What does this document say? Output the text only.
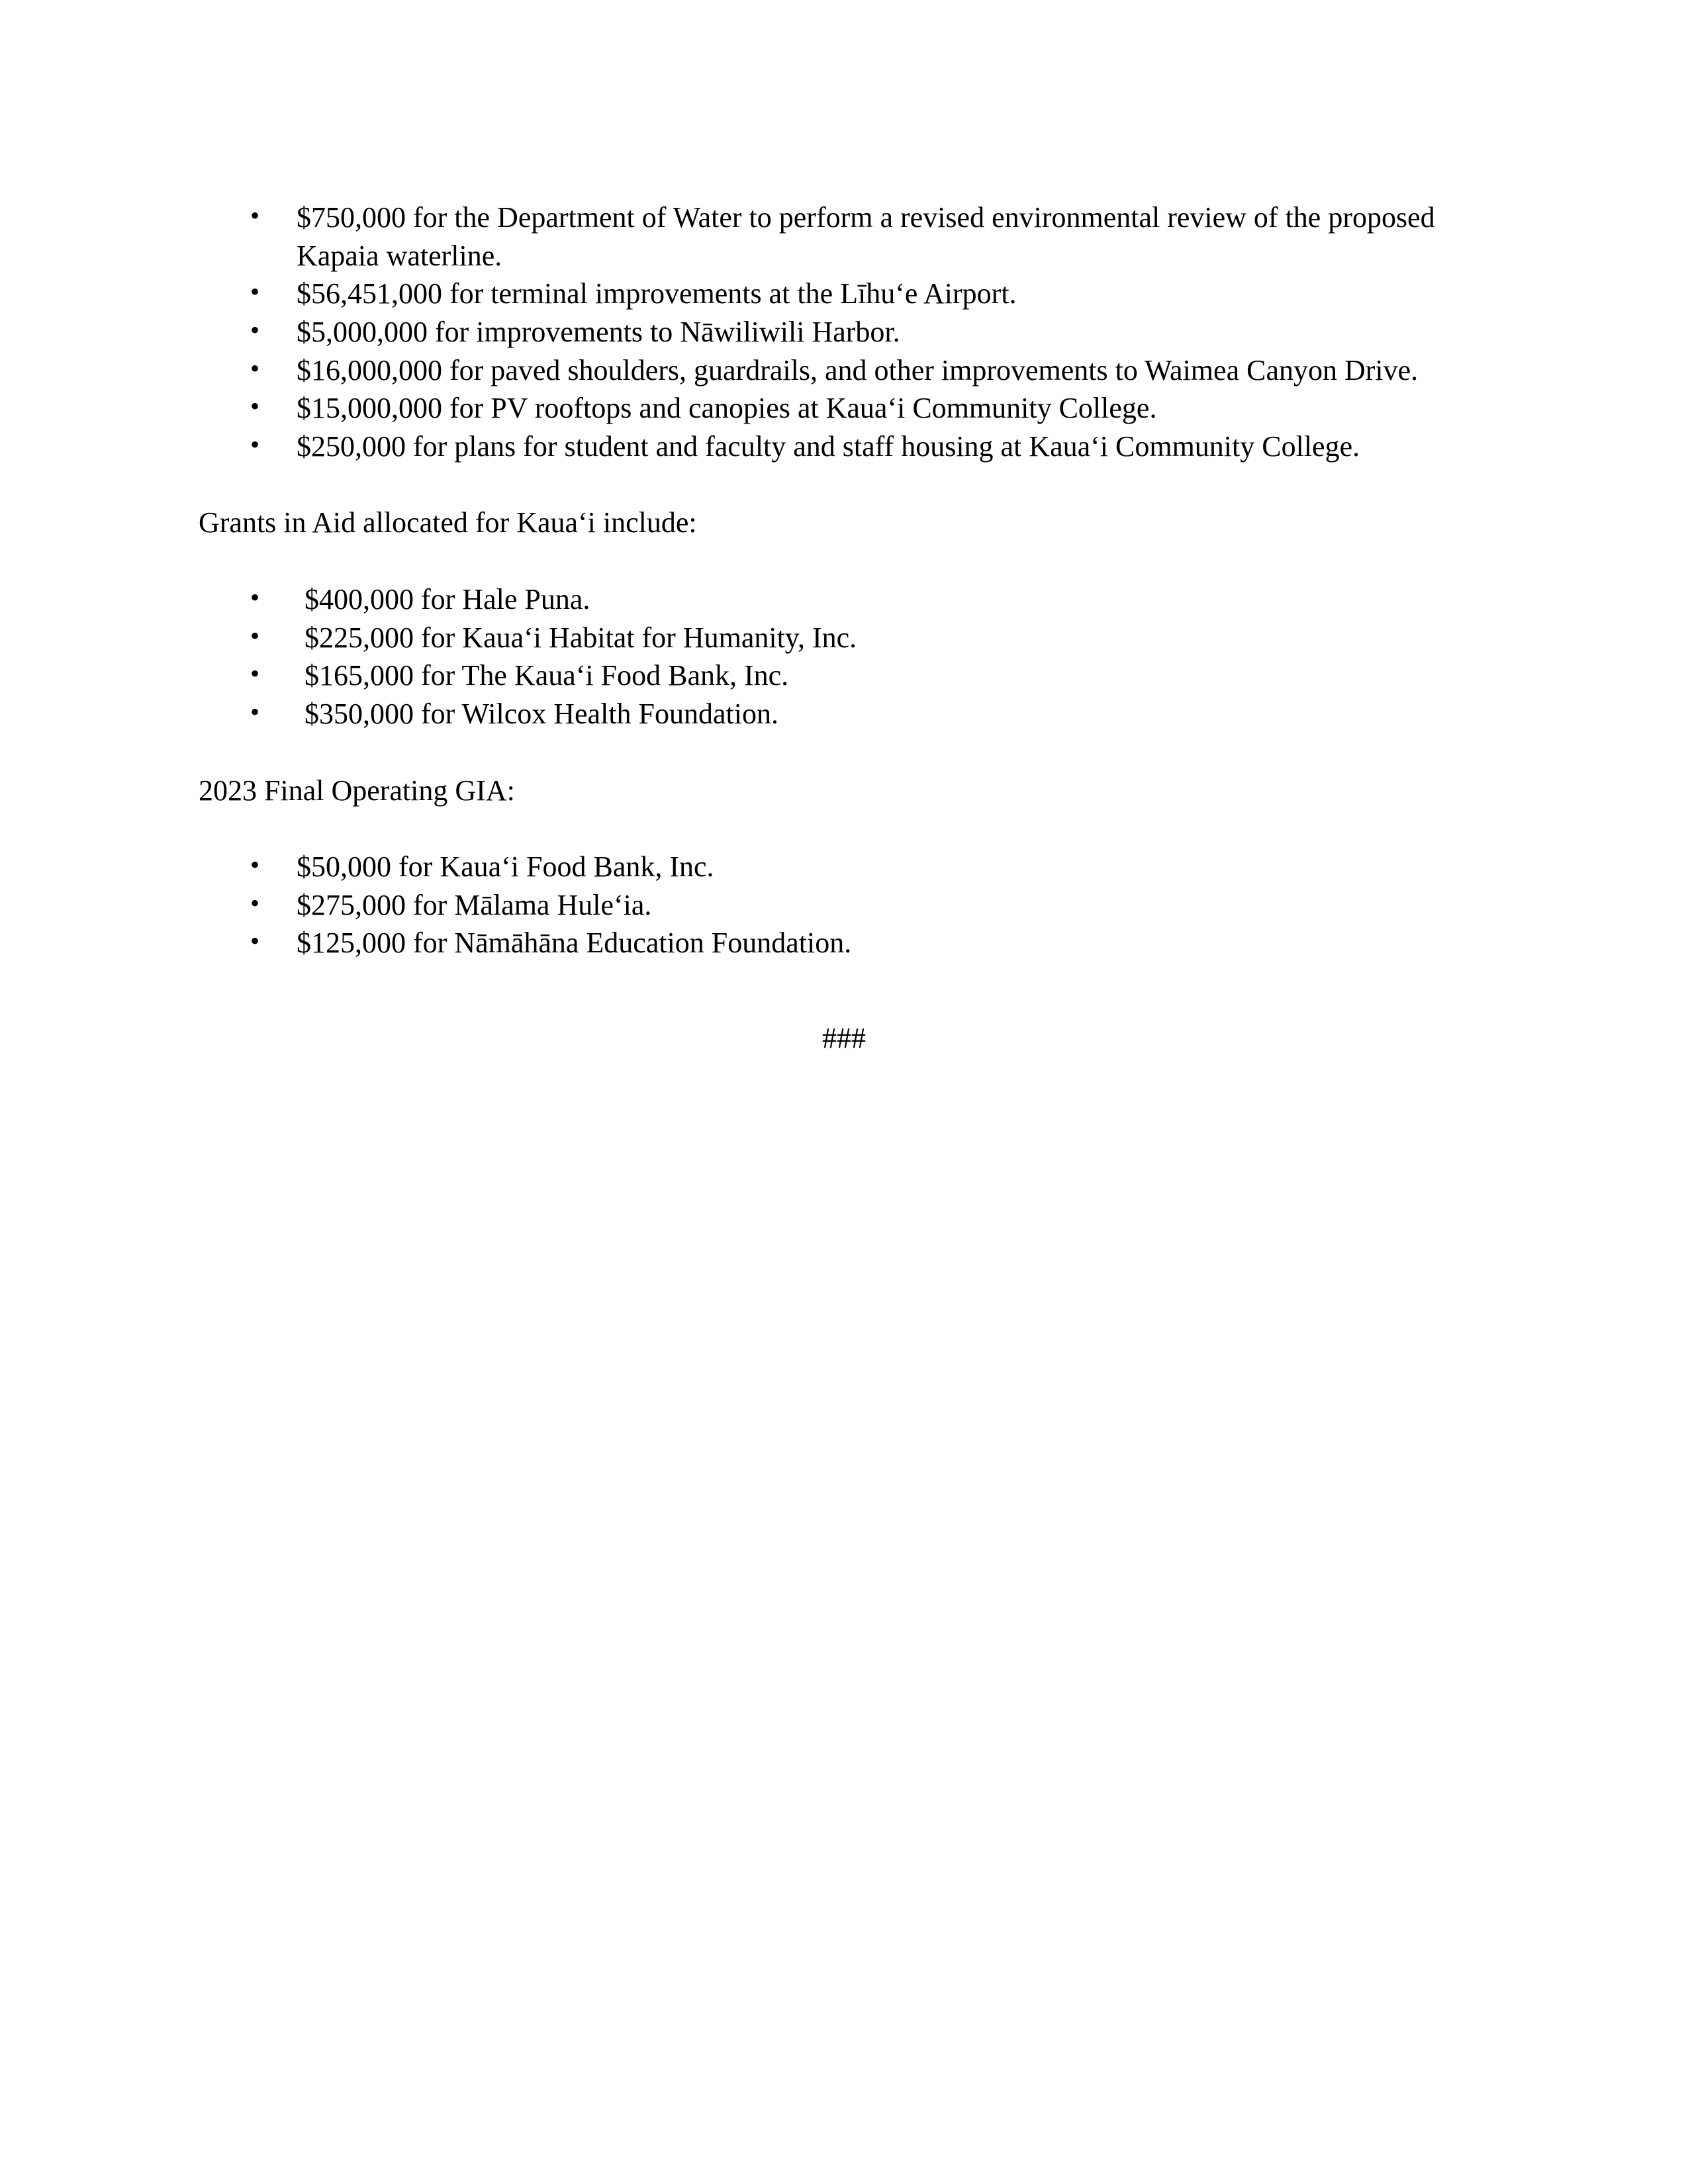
• $750,000 for the Department of Water to perform a revised environmental review of the proposed Kapaia waterline.
• $56,451,000 for terminal improvements at the Līhuʻe Airport.
• $5,000,000 for improvements to Nāwiliwili Harbor.
• $16,000,000 for paved shoulders, guardrails, and other improvements to Waimea Canyon Drive.
• $15,000,000 for PV rooftops and canopies at Kauaʻi Community College.
• $250,000 for plans for student and faculty and staff housing at Kauaʻi Community College.

Grants in Aid allocated for Kauaʻi include:

• $400,000 for Hale Puna.
• $225,000 for Kauaʻi Habitat for Humanity, Inc.
• $165,000 for The Kauaʻi Food Bank, Inc.
• $350,000 for Wilcox Health Foundation.

2023 Final Operating GIA:

• $50,000 for Kauaʻi Food Bank, Inc.
• $275,000 for Mālama Huleʻia.
• $125,000 for Nāmāhāna Education Foundation.
###
